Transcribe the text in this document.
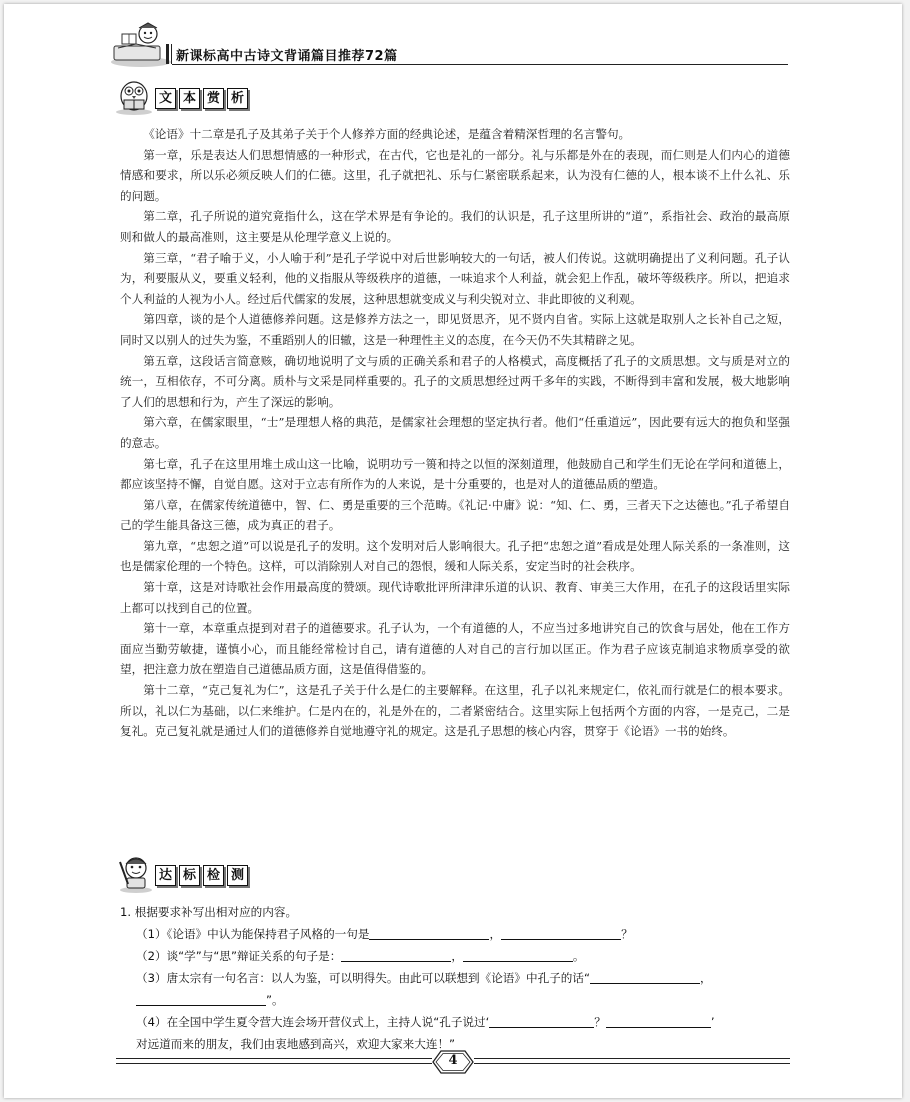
新课标高中古诗文背诵篇目推荐72篇
文 本 赏 析

《论语》十二章是孔子及其弟子关于个人修养方面的经典论述，是蕴含着精深哲理的名言警句。

第一章，乐是表达人们思想情感的一种形式，在古代，它也是礼的一部分。礼与乐都是外在的表现，而仁则是人们内心的道德情感和要求，所以乐必须反映人们的仁德。这里，孔子就把礼、乐与仁紧密联系起来，认为没有仁德的人，根本谈不上什么礼、乐的问题。

第二章，孔子所说的道究竟指什么，这在学术界是有争论的。我们的认识是，孔子这里所讲的“道”，系指社会、政治的最高原则和做人的最高准则，这主要是从伦理学意义上说的。

第三章，“君子喻于义，小人喻于利”是孔子学说中对后世影响较大的一句话，被人们传说。这就明确提出了义利问题。孔子认为，利要服从义，要重义轻利，他的义指服从等级秩序的道德，一味追求个人利益，就会犯上作乱，破坏等级秩序。所以，把追求个人利益的人视为小人。经过后代儒家的发展，这种思想就变成义与利尖锐对立、非此即彼的义利观。

第四章，谈的是个人道德修养问题。这是修养方法之一，即见贤思齐，见不贤内自省。实际上这就是取别人之长补自己之短，同时又以别人的过失为鉴，不重蹈别人的旧辙，这是一种理性主义的态度，在今天仍不失其精辟之见。

第五章，这段话言简意赅，确切地说明了文与质的正确关系和君子的人格模式，高度概括了孔子的文质思想。文与质是对立的统一，互相依存，不可分离。质朴与文采是同样重要的。孔子的文质思想经过两千多年的实践，不断得到丰富和发展，极大地影响了人们的思想和行为，产生了深远的影响。

第六章，在儒家眼里，“士”是理想人格的典范，是儒家社会理想的坚定执行者。他们“任重道远”，因此要有远大的抱负和坚强的意志。

第七章，孔子在这里用堆土成山这一比喻，说明功亏一篑和持之以恒的深刻道理，他鼓励自己和学生们无论在学问和道德上，都应该坚持不懈，自觉自愿。这对于立志有所作为的人来说，是十分重要的，也是对人的道德品质的塑造。

第八章，在儒家传统道德中，智、仁、勇是重要的三个范畴。《礼记·中庸》说：“知、仁、勇，三者天下之达德也。”孔子希望自己的学生能具备这三德，成为真正的君子。

第九章，“忠恕之道”可以说是孔子的发明。这个发明对后人影响很大。孔子把“忠恕之道”看成是处理人际关系的一条准则，这也是儒家伦理的一个特色。这样，可以消除别人对自己的怨恨，缓和人际关系，安定当时的社会秩序。

第十章，这是对诗歌社会作用最高度的赞颂。现代诗歌批评所津津乐道的认识、教育、审美三大作用，在孔子的这段话里实际上都可以找到自己的位置。

第十一章，本章重点提到对君子的道德要求。孔子认为，一个有道德的人，不应当过多地讲究自己的饮食与居处，他在工作方面应当勤劳敏捷，谨慎小心，而且能经常检讨自己，请有道德的人对自己的言行加以匡正。作为君子应该克制追求物质享受的欲望，把注意力放在塑造自己道德品质方面，这是值得借鉴的。

第十二章，“克己复礼为仁”，这是孔子关于什么是仁的主要解释。在这里，孔子以礼来规定仁，依礼而行就是仁的根本要求。所以，礼以仁为基础，以仁来维护。仁是内在的，礼是外在的，二者紧密结合。这里实际上包括两个方面的内容，一是克己，二是复礼。克己复礼就是通过人们的道德修养自觉地遵守礼的规定。这是孔子思想的核心内容，贯穿于《论语》一书的始终。

达 标 检 测

1. 根据要求补写出相对应的内容。

（1）《论语》中认为能保持君子风格的一句是	，	？

（2）谈“学”与“思”辩证关系的句子是：	，	。

（3）唐太宗有一句名言：以人为鉴，可以明得失。由此可以联想到《论语》中孔子的话“	，
”。

（4）在全国中学生夏令营大连会场开营仪式上，主持人说“孔子说过‘	？	’
对远道而来的朋友，我们由衷地感到高兴，欢迎大家来大连！”

4
